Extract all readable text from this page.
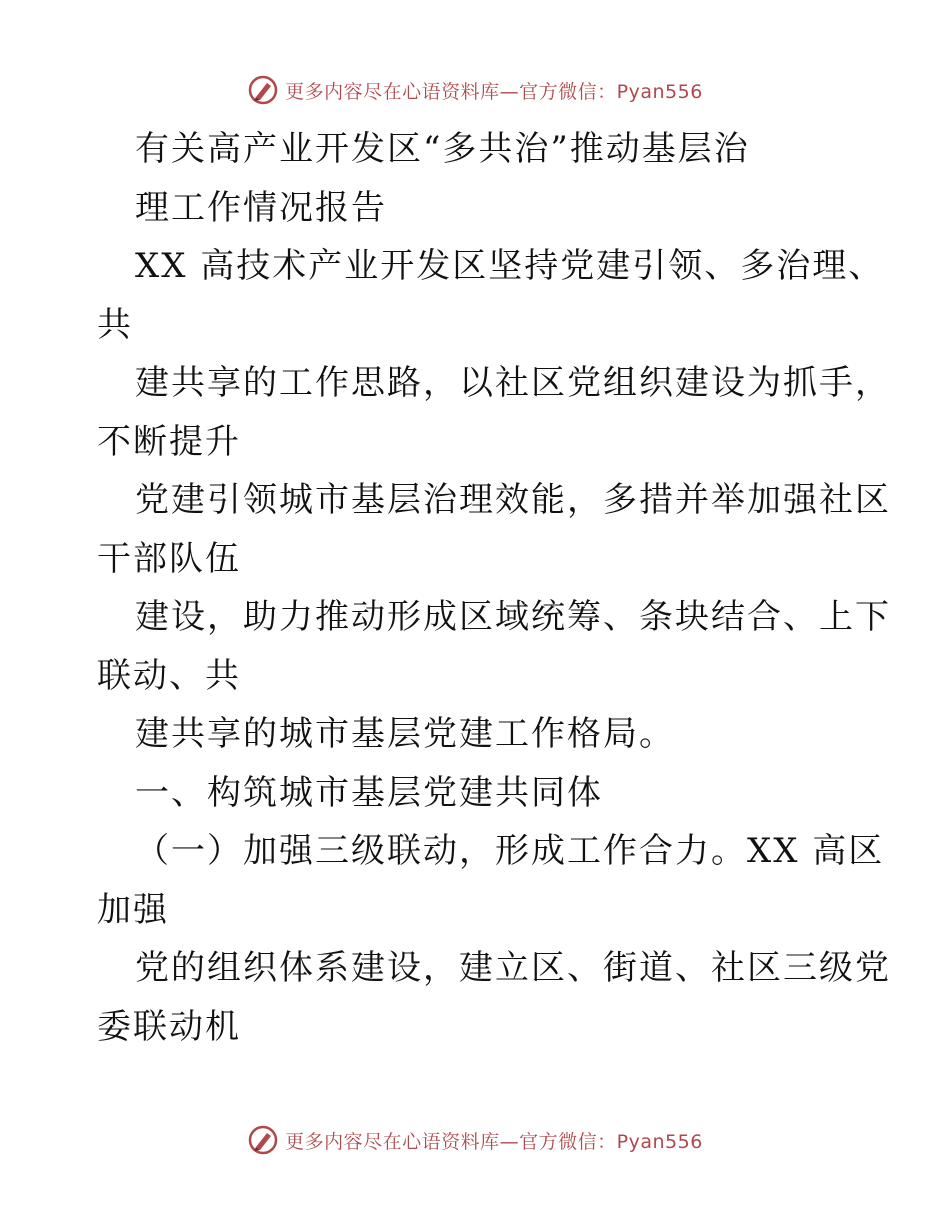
更多内容尽在心语资料库—官方微信：Pyan556
有关高产业开发区“多共治”推动基层治
理工作情况报告
XX 高技术产业开发区坚持党建引领、多治理、
共
建共享的工作思路，以社区党组织建设为抓手，
不断提升
党建引领城市基层治理效能，多措并举加强社区
干部队伍
建设，助力推动形成区域统筹、条块结合、上下
联动、共
建共享的城市基层党建工作格局。
一、构筑城市基层党建共同体
（一）加强三级联动，形成工作合力。XX 高区
加强
党的组织体系建设，建立区、街道、社区三级党
委联动机
更多内容尽在心语资料库—官方微信：Pyan556
